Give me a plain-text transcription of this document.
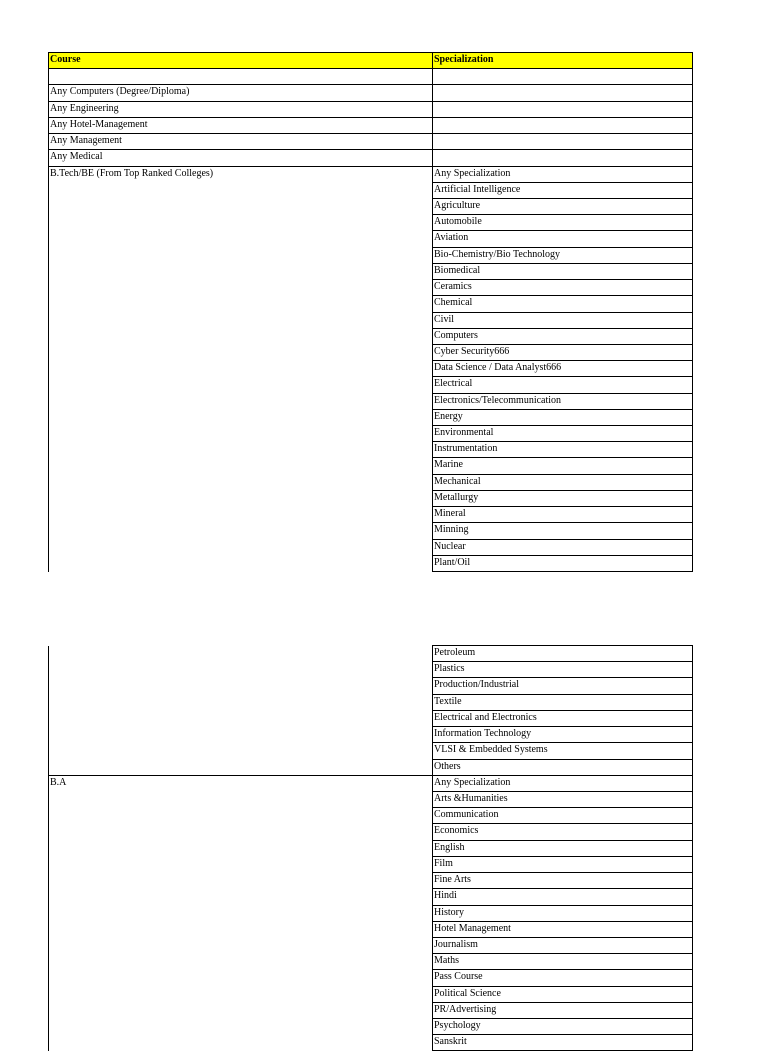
Course	Specialization

Any Computers (Degree/Diploma)	
Any Engineering	
Any Hotel-Management	
Any Management	
Any Medical	
B.Tech/BE (From Top Ranked Colleges)	Any Specialization
	Artificial Intelligence
	Agriculture
	Automobile
	Aviation
	Bio-Chemistry/Bio Technology
	Biomedical
	Ceramics
	Chemical
	Civil
	Computers
	Cyber Security666
	Data Science / Data Analyst666
	Electrical
	Electronics/Telecommunication
	Energy
	Environmental
	Instrumentation
	Marine
	Mechanical
	Metallurgy
	Mineral
	Minning
	Nuclear
	Plant/Oil
	Petroleum
	Plastics
	Production/Industrial
	Textile
	Electrical and Electronics
	Information Technology
	VLSI & Embedded Systems
	Others
B.A	Any Specialization
	Arts &Humanities
	Communication
	Economics
	English
	Film
	Fine Arts
	Hindi
	History
	Hotel Management
	Journalism
	Maths
	Pass Course
	Political Science
	PR/Advertising
	Psychology
	Sanskrit
